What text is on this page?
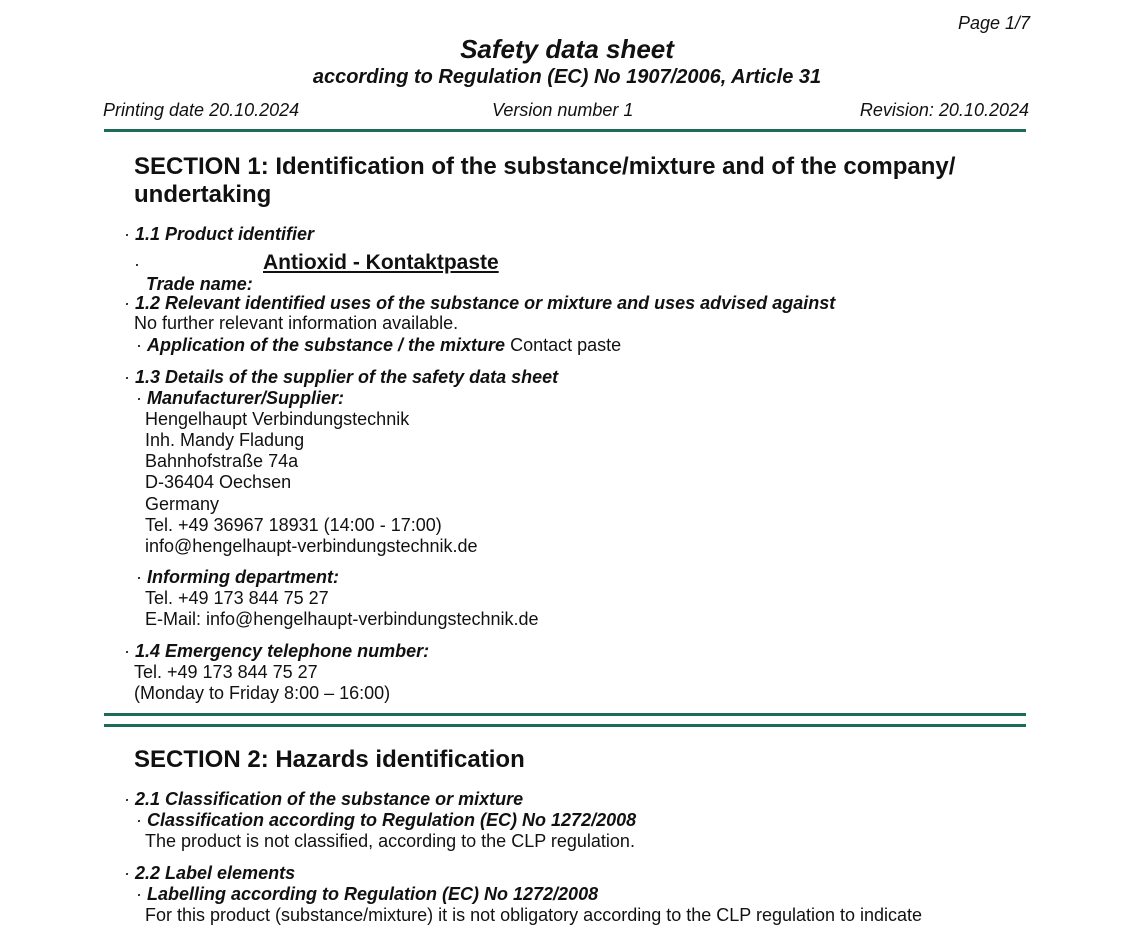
Page 1/7
Safety data sheet
according to Regulation (EC) No 1907/2006, Article 31
Printing date 20.10.2024	Version number 1	Revision: 20.10.2024
SECTION 1: Identification of the substance/mixture and of the company/
undertaking
· 1.1 Product identifier
·	Antioxid - Kontaktpaste
Trade name:
· 1.2 Relevant identified uses of the substance or mixture and uses advised against
No further relevant information available.
· Application of the substance / the mixture Contact paste
· 1.3 Details of the supplier of the safety data sheet
· Manufacturer/Supplier:
Hengelhaupt Verbindungstechnik
Inh. Mandy Fladung
Bahnhofstraße 74a
D-36404 Oechsen
Germany
Tel. +49 36967 18931 (14:00 - 17:00)
info@hengelhaupt-verbindungstechnik.de
· Informing department:
Tel. +49 173 844 75 27
E-Mail: info@hengelhaupt-verbindungstechnik.de
· 1.4 Emergency telephone number:
Tel. +49 173 844 75 27
(Monday to Friday 8:00 – 16:00)
SECTION 2: Hazards identification
· 2.1 Classification of the substance or mixture
· Classification according to Regulation (EC) No 1272/2008
The product is not classified, according to the CLP regulation.
· 2.2 Label elements
· Labelling according to Regulation (EC) No 1272/2008
For this product (substance/mixture) it is not obligatory according to the CLP regulation to indicate
